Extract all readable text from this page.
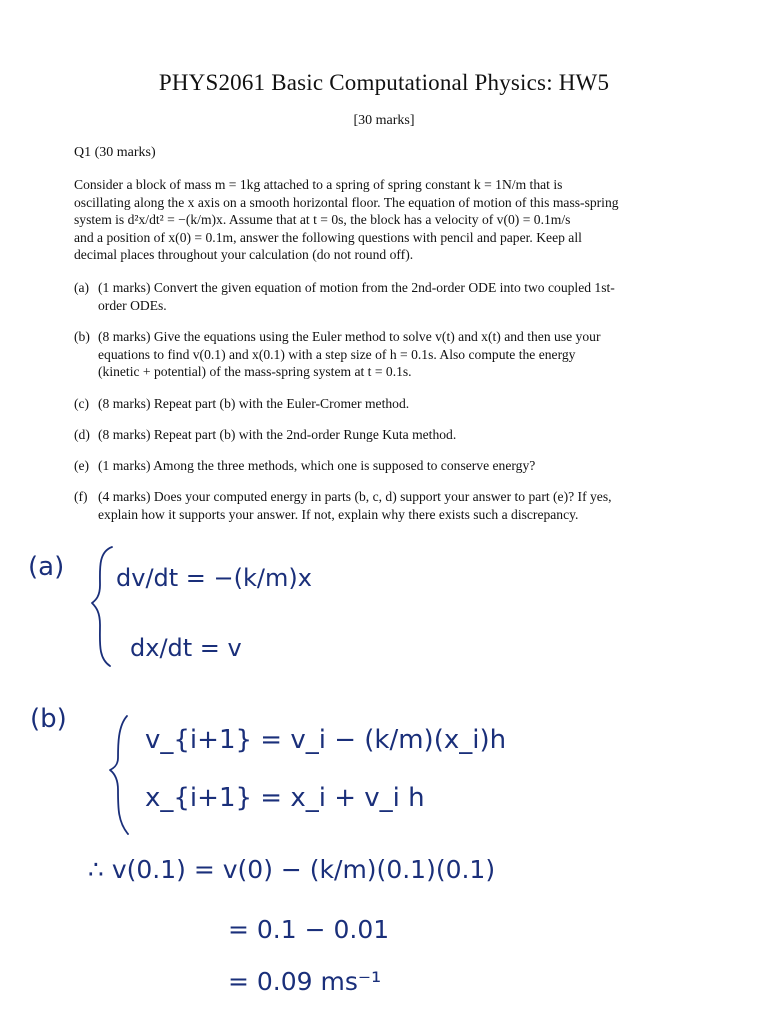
PHYS2061 Basic Computational Physics: HW5
[30 marks]
Q1 (30 marks)
Consider a block of mass m = 1kg attached to a spring of spring constant k = 1N/m that is
oscillating along the x axis on a smooth horizontal floor. The equation of motion of this mass-spring
system is d²x/dt² = −(k/m)x. Assume that at t = 0s, the block has a velocity of v(0) = 0.1m/s
and a position of x(0) = 0.1m, answer the following questions with pencil and paper. Keep all
decimal places throughout your calculation (do not round off).
(a) (1 marks) Convert the given equation of motion from the 2nd-order ODE into two coupled 1st-
order ODEs.
(b) (8 marks) Give the equations using the Euler method to solve v(t) and x(t) and then use your
equations to find v(0.1) and x(0.1) with a step size of h = 0.1s. Also compute the energy
(kinetic + potential) of the mass-spring system at t = 0.1s.
(c) (8 marks) Repeat part (b) with the Euler-Cromer method.
(d) (8 marks) Repeat part (b) with the 2nd-order Runge Kuta method.
(e) (1 marks) Among the three methods, which one is supposed to conserve energy?
(f) (4 marks) Does your computed energy in parts (b, c, d) support your answer to part (e)? If yes,
explain how it supports your answer. If not, explain why there exists such a discrepancy.
(a) dv/dt = −(k/m)x
dx/dt = v
(b)
v_{i+1} = v_i − (k/m)(x_i)h
x_{i+1} = x_i + v_i h
∴ v(0.1) = v(0) − (k/m)(0.1)(0.1)
= 0.1 − 0.01
= 0.09 ms⁻¹
